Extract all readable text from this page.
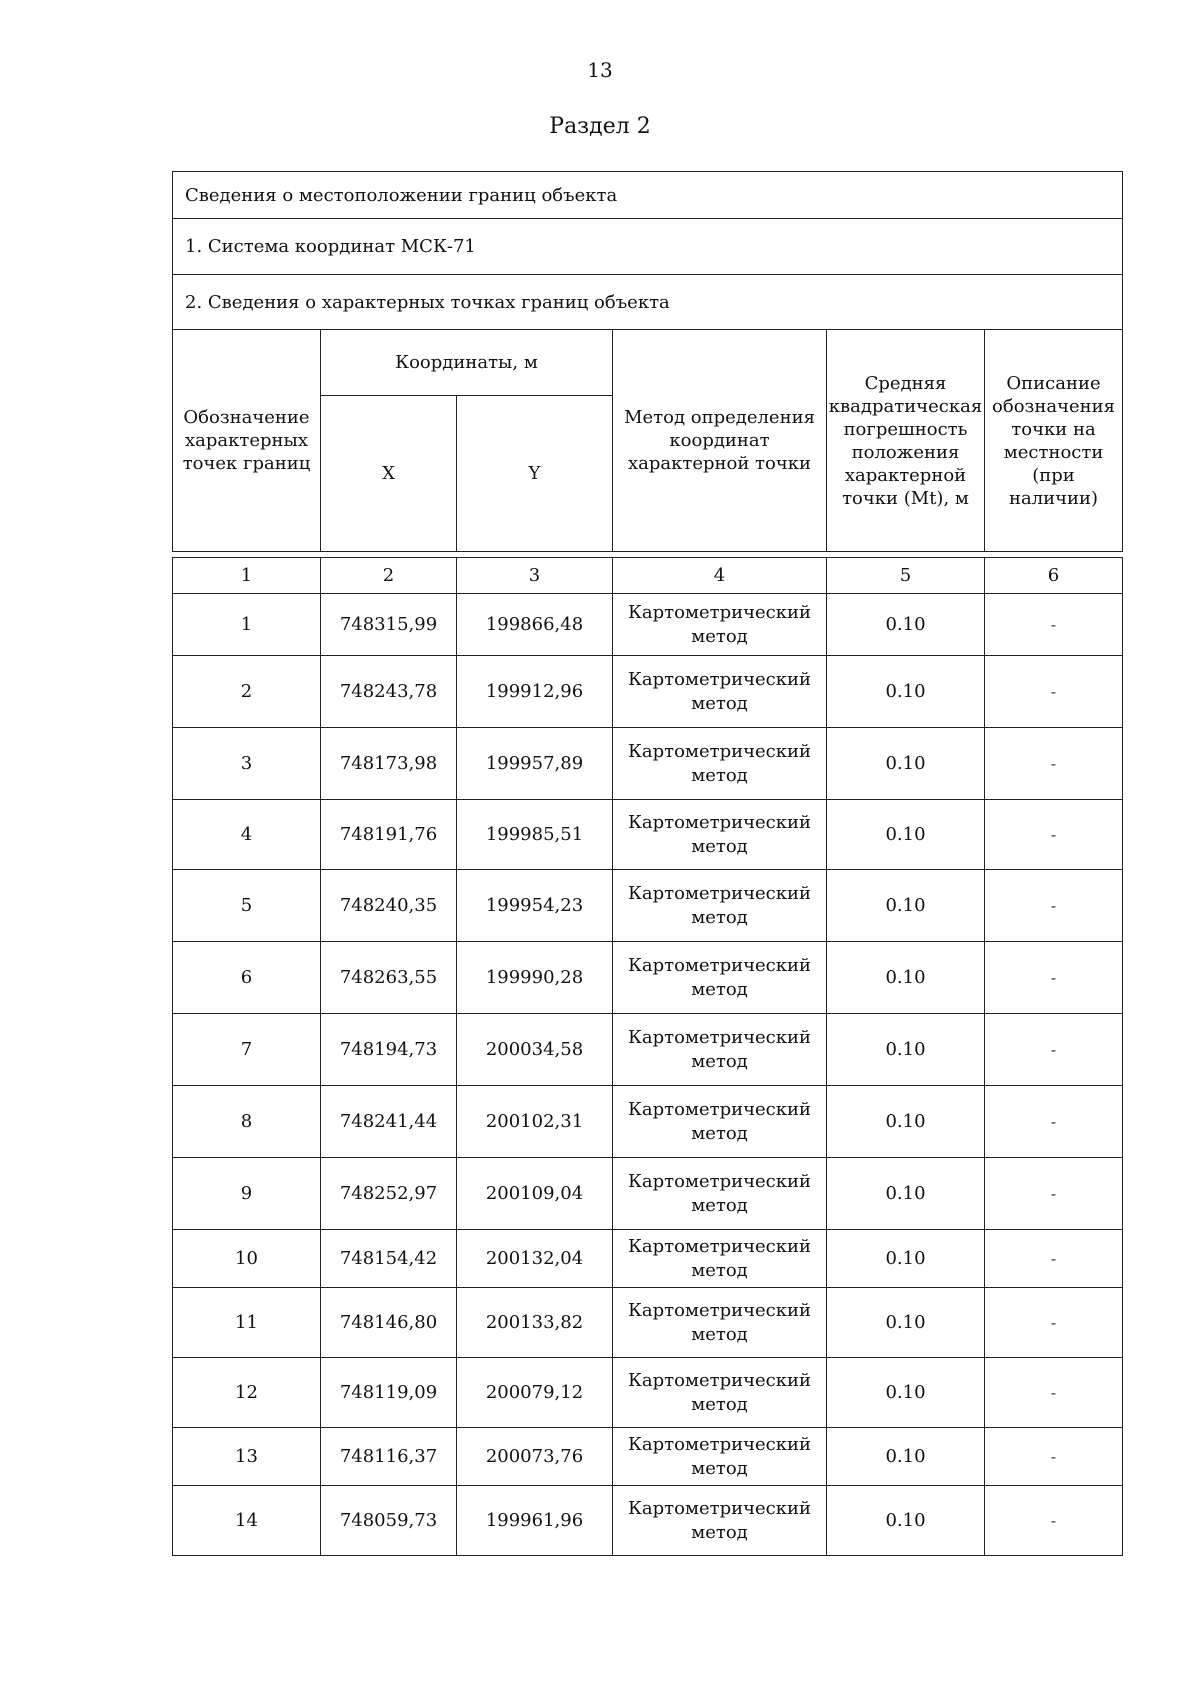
13
Раздел 2
Сведения о местоположении границ объекта					
1. Система координат МСК-71					
2. Сведения о характерных точках границ объекта					
Обозначение характерных точек границ	Координаты, м		Метод определения координат характерной точки	Средняя квадратическая погрешность положения характерной точки (Mt), м	Описание обозначения точки на местности (при наличии)
	X	Y			
1	2	3	4	5	6
1	748315,99	199866,48	Картометрический метод	0.10	-
2	748243,78	199912,96	Картометрический метод	0.10	-
3	748173,98	199957,89	Картометрический метод	0.10	-
4	748191,76	199985,51	Картометрический метод	0.10	-
5	748240,35	199954,23	Картометрический метод	0.10	-
6	748263,55	199990,28	Картометрический метод	0.10	-
7	748194,73	200034,58	Картометрический метод	0.10	-
8	748241,44	200102,31	Картометрический метод	0.10	-
9	748252,97	200109,04	Картометрический метод	0.10	-
10	748154,42	200132,04	Картометрический метод	0.10	-
11	748146,80	200133,82	Картометрический метод	0.10	-
12	748119,09	200079,12	Картометрический метод	0.10	-
13	748116,37	200073,76	Картометрический метод	0.10	-
14	748059,73	199961,96	Картометрический метод	0.10	-
